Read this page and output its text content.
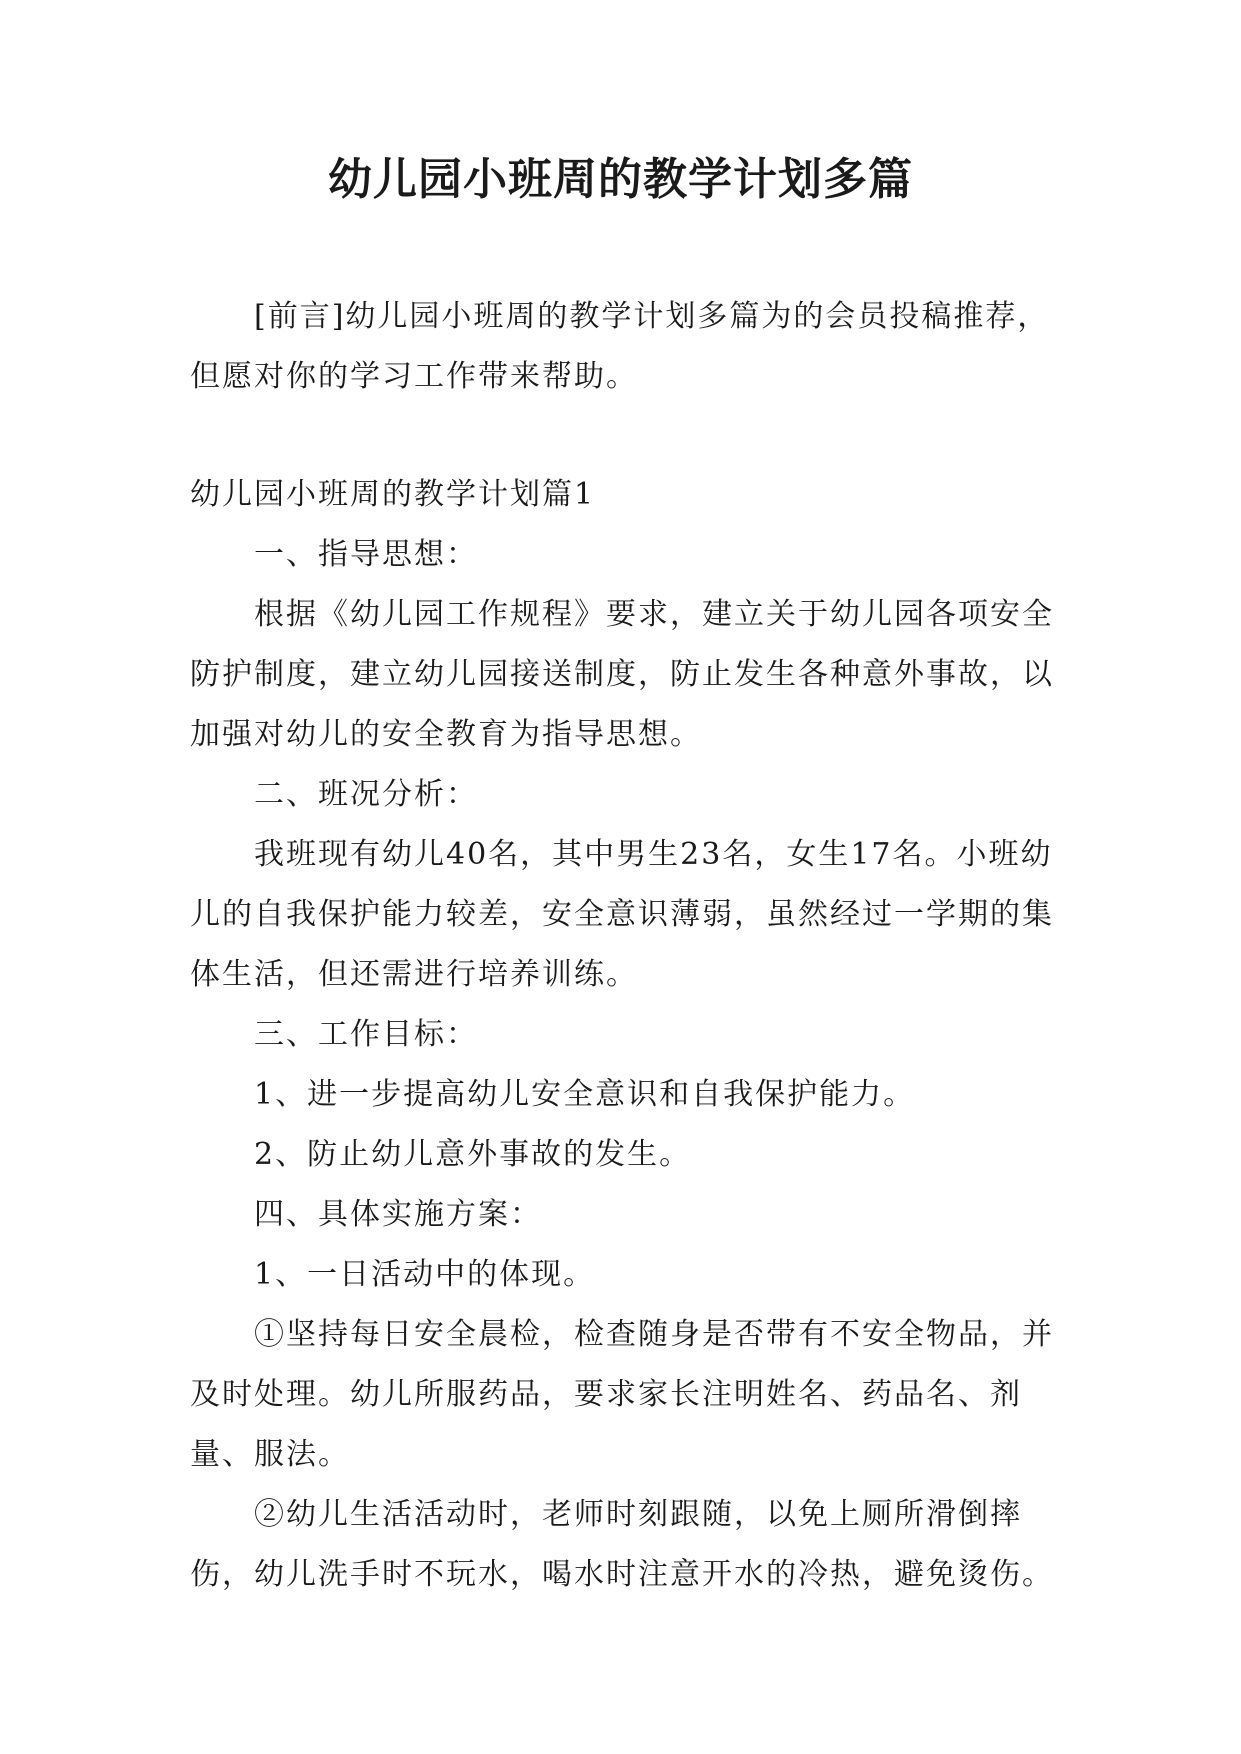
幼儿园小班周的教学计划多篇

[前言]幼儿园小班周的教学计划多篇为的会员投稿推荐，但愿对你的学习工作带来帮助。

幼儿园小班周的教学计划篇1

一、指导思想：

根据《幼儿园工作规程》要求，建立关于幼儿园各项安全防护制度，建立幼儿园接送制度，防止发生各种意外事故，以加强对幼儿的安全教育为指导思想。

二、班况分析：

我班现有幼儿40名，其中男生23名，女生17名。小班幼儿的自我保护能力较差，安全意识薄弱，虽然经过一学期的集体生活，但还需进行培养训练。

三、工作目标：

1、进一步提高幼儿安全意识和自我保护能力。

2、防止幼儿意外事故的发生。

四、具体实施方案：

1、一日活动中的体现。

①坚持每日安全晨检，检查随身是否带有不安全物品，并及时处理。幼儿所服药品，要求家长注明姓名、药品名、剂量、服法。

②幼儿生活活动时，老师时刻跟随，以免上厕所滑倒摔伤，幼儿洗手时不玩水，喝水时注意开水的冷热，避免烫伤。
